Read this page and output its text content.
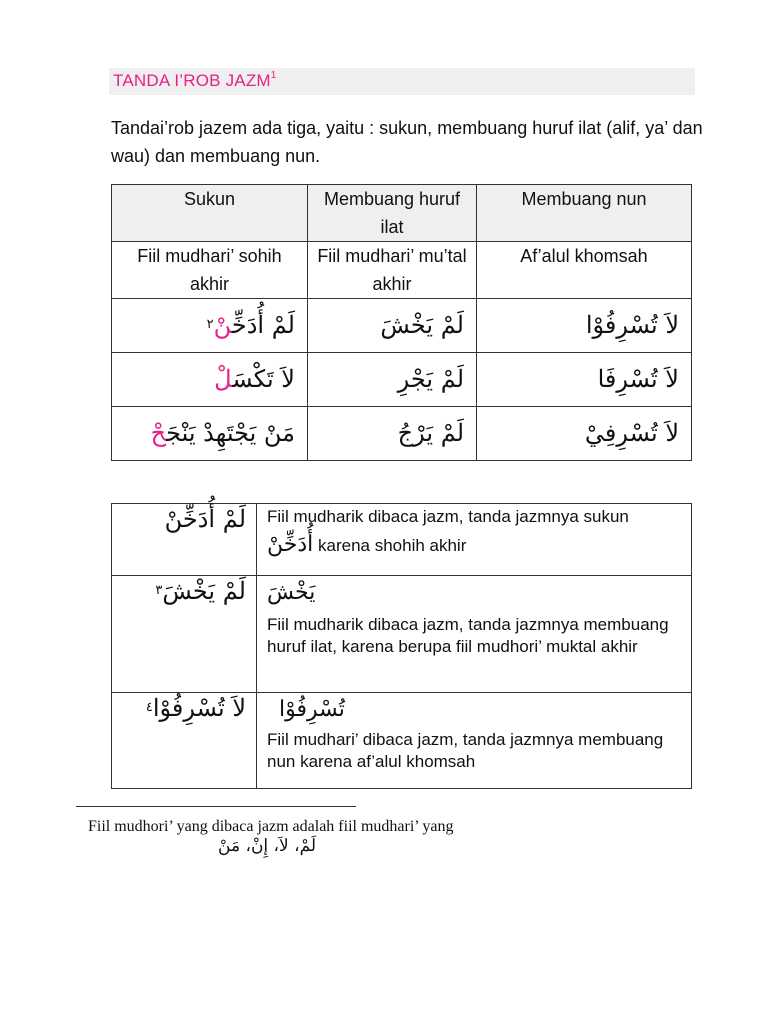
TANDA I’ROB JAZM$^1$
Tandai’rob jazem ada tiga, yaitu : sukun, membuang huruf ilat (alif, ya’ dan wau) dan membuang nun.
Sukun	Membuang huruf ilat	Membuang nun
Fiil mudhari’ sohih akhir	Fiil mudhari’ mu’tal akhir	Af’alul khomsah
لَمْ أُدَخِّنْ$^٢$	لَمْ يَخْشَ	لاَ تُسْرِفُوْا
لاَ تَكْسَلْ	لَمْ يَجْرِ	لاَ تُسْرِفَا
مَنْ يَجْتَهِدْ يَنْجَحْ	لَمْ يَرْجُ	لاَ تُسْرِفِيْ
لَمْ أُدَخِّنْ	Fiil mudharik dibaca jazm, tanda jazmnya sukun
أُدَخِّنْ karena shohih akhir

لَمْ يَخْشَ$^٣$	يَخْشَ
Fiil mudharik dibaca jazm, tanda jazmnya membuang huruf ilat, karena berupa fiil mudhori’ muktal akhir

لاَ تُسْرِفُوْا$^٤$	تُسْرِفُوْا
Fiil mudhari’ dibaca jazm, tanda jazmnya membuang nun karena af’alul khomsah
Fiil mudhori’ yang dibaca jazm adalah fiil mudhari’ yang
لَمْ، لاَ، إِنْ، مَنْ
